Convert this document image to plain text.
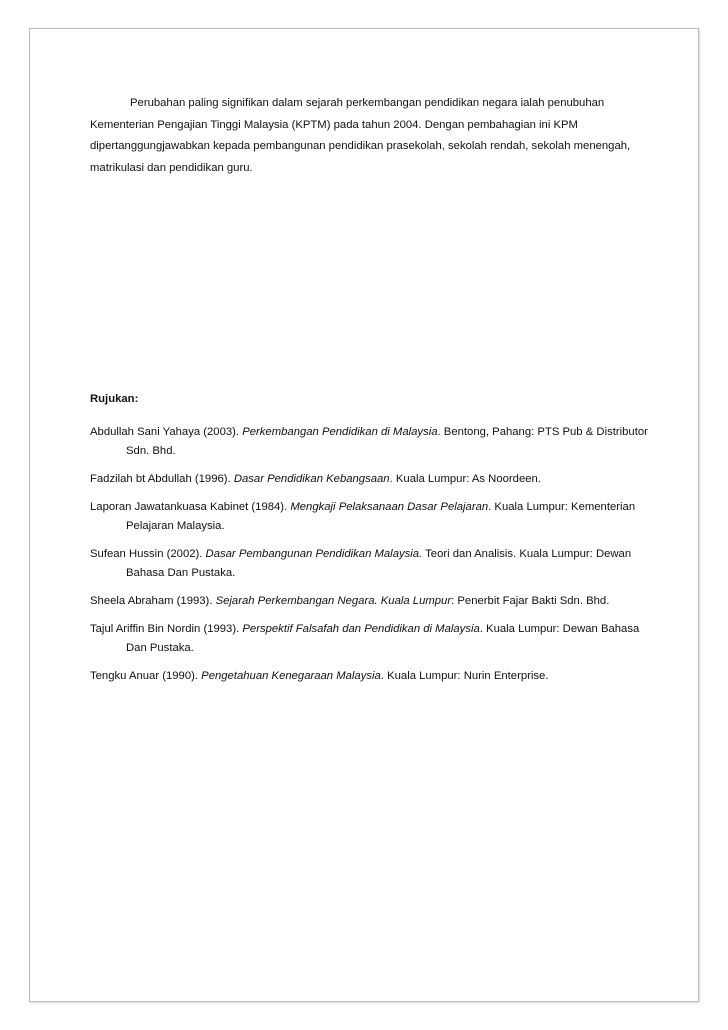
Perubahan paling signifikan dalam sejarah perkembangan pendidikan negara ialah penubuhan Kementerian Pengajian Tinggi Malaysia (KPTM) pada tahun 2004. Dengan pembahagian ini KPM dipertanggungjawabkan kepada pembangunan pendidikan prasekolah, sekolah rendah, sekolah menengah, matrikulasi dan pendidikan guru.

Rujukan:

Abdullah Sani Yahaya (2003). Perkembangan Pendidikan di Malaysia. Bentong, Pahang: PTS Pub & Distributor Sdn. Bhd.

Fadzilah bt Abdullah (1996). Dasar Pendidikan Kebangsaan. Kuala Lumpur: As Noordeen.

Laporan Jawatankuasa Kabinet (1984). Mengkaji Pelaksanaan Dasar Pelajaran. Kuala Lumpur: Kementerian Pelajaran Malaysia.

Sufean Hussin (2002). Dasar Pembangunan Pendidikan Malaysia. Teori dan Analisis. Kuala Lumpur: Dewan Bahasa Dan Pustaka.

Sheela Abraham (1993). Sejarah Perkembangan Negara. Kuala Lumpur: Penerbit Fajar Bakti Sdn. Bhd.

Tajul Ariffin Bin Nordin (1993). Perspektif Falsafah dan Pendidikan di Malaysia. Kuala Lumpur: Dewan Bahasa Dan Pustaka.

Tengku Anuar (1990). Pengetahuan Kenegaraan Malaysia. Kuala Lumpur: Nurin Enterprise.
